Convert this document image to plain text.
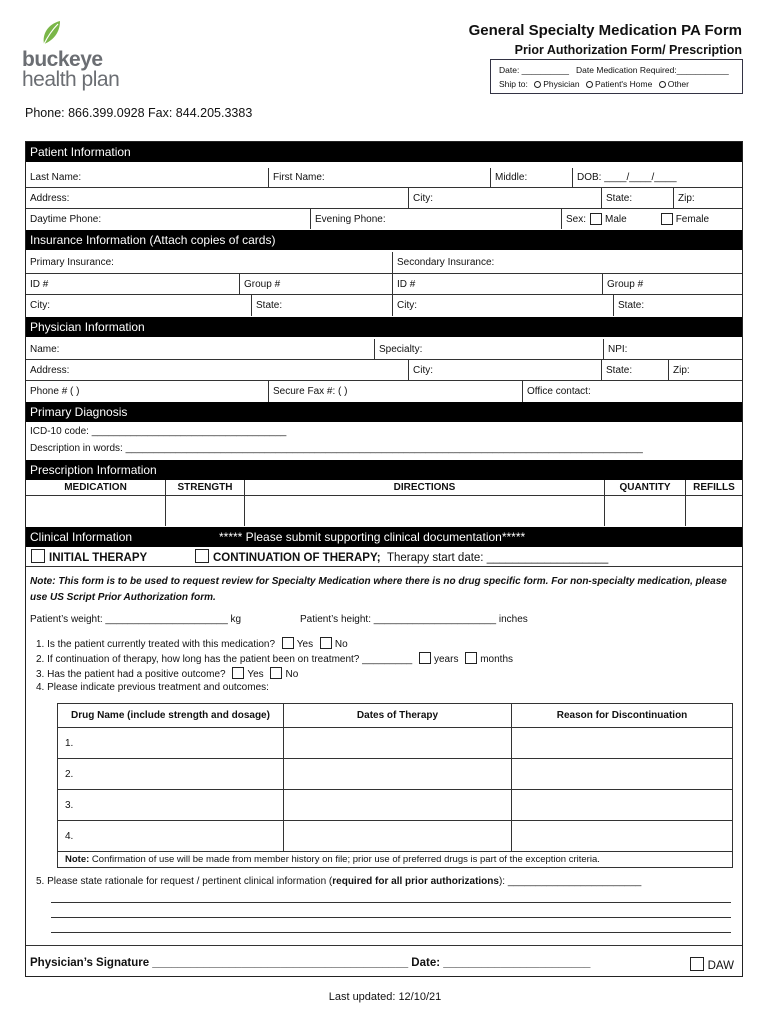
buckeye
health plan
General Specialty Medication PA Form
Prior Authorization Form/ Prescription
Date: __________ Date Medication Required:___________
Ship to: Physician Patient's Home Other
Phone: 866.399.0928 Fax: 844.205.3383
Patient Information
Last Name:	First Name:	Middle:	DOB: ____/____/____
Address:	City:	State:	Zip:
Daytime Phone:	Evening Phone:	Sex: Male	Female
Insurance Information (Attach copies of cards)
Primary Insurance:	Secondary Insurance:
ID #	Group #	ID #	Group #
City:	State:	City:	State:
Physician Information
Name:	Specialty:	NPI:
Address:	City:	State:	Zip:
Phone # ( )	Secure Fax #: ( )	Office contact:
Primary Diagnosis
ICD-10 code: ___________________________________
Description in words: _____________________________________________________________________________________________
Prescription Information
MEDICATION	STRENGTH	DIRECTIONS	QUANTITY	REFILLS
Clinical Information	***** Please submit supporting clinical documentation*****
INITIAL THERAPY	CONTINUATION OF THERAPY; Therapy start date: ___________________
Note: This form is to be used to request review for Specialty Medication where there is no drug specific form. For non-specialty medication, please use US Script Prior Authorization form.
Patient’s weight: ______________________ kg	Patient’s height: ______________________ inches
1. Is the patient currently treated with this medication? Yes No
2. If continuation of therapy, how long has the patient been on treatment? _________ years months
3. Has the patient had a positive outcome? Yes No
4. Please indicate previous treatment and outcomes:
Drug Name (include strength and dosage)	Dates of Therapy	Reason for Discontinuation
1.		
2.		
3.		
4.		
Note: Confirmation of use will be made from member history on file; prior use of preferred drugs is part of the exception criteria.		
5. Please state rationale for request / pertinent clinical information (required for all prior authorizations): ________________________
Physician’s Signature ________________________________________ Date: _______________________	DAW
Last updated: 12/10/21
